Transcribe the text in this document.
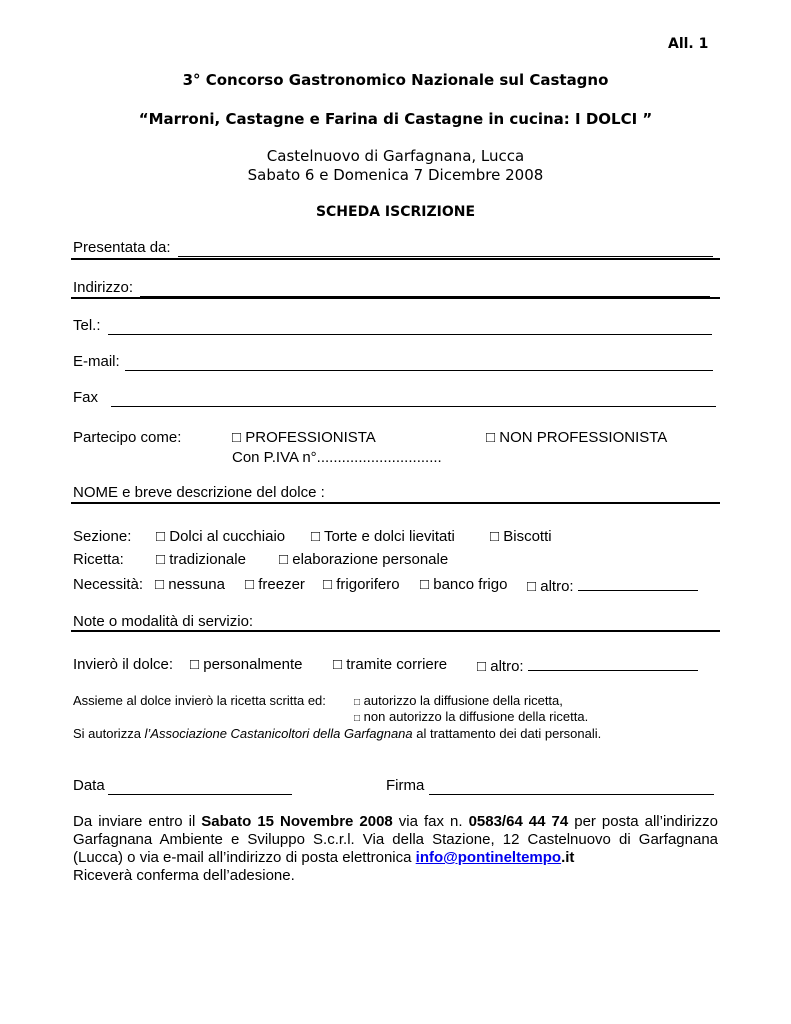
All. 1
3° Concorso Gastronomico Nazionale sul Castagno
“Marroni, Castagne e Farina di Castagne in cucina: I DOLCI ”
Castelnuovo di Garfagnana, Lucca
Sabato 6 e Domenica 7 Dicembre 2008
SCHEDA ISCRIZIONE
Presentata da:
Indirizzo:
Tel.:
E-mail:
Fax
Partecipo come:	□ PROFESSIONISTA	□ NON PROFESSIONISTA
Con P.IVA n°..............................
NOME e breve descrizione del dolce :
Sezione: □ Dolci al cucchiaio □ Torte e dolci lievitati □ Biscotti
Ricetta: □ tradizionale □ elaborazione personale
Necessità: □ nessuna □ freezer □ frigorifero □ banco frigo □ altro:
Note o modalità di servizio:
Invierò il dolce: □ personalmente □ tramite corriere □ altro:
Assieme al dolce invierò la ricetta scritta ed:	□ autorizzo la diffusione della ricetta,
□ non autorizzo la diffusione della ricetta.
Si autorizza l’Associazione Castanicoltori della Garfagnana al trattamento dei dati personali.
Data	Firma
Da inviare entro il Sabato 15 Novembre 2008 via fax n. 0583/64 44 74 per posta all’indirizzo Garfagnana Ambiente e Sviluppo S.c.r.l. Via della Stazione, 12 Castelnuovo di Garfagnana (Lucca) o via e-mail all’indirizzo di posta elettronica info@pontineltempo.it
Riceverà conferma dell’adesione.
